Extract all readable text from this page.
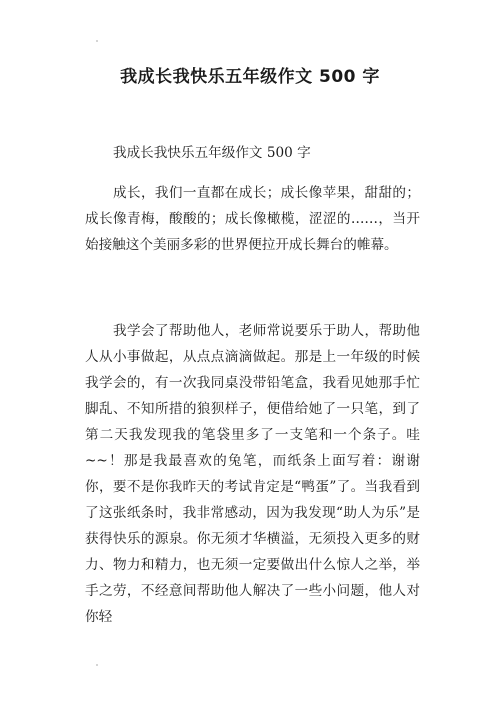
我成长我快乐五年级作文 500 字
我成长我快乐五年级作文 500 字

成长，我们一直都在成长；成长像苹果，甜甜的；成长像青梅，酸酸的；成长像橄榄，涩涩的……，当开始接触这个美丽多彩的世界便拉开成长舞台的帷幕。

我学会了帮助他人，老师常说要乐于助人，帮助他人从小事做起，从点点滴滴做起。那是上一年级的时候我学会的，有一次我同桌没带铅笔盒，我看见她那手忙脚乱、不知所措的狼狈样子，便借给她了一只笔，到了第二天我发现我的笔袋里多了一支笔和一个条子。哇~~！那是我最喜欢的兔笔，而纸条上面写着：谢谢你，要不是你我昨天的考试肯定是“鸭蛋”了。当我看到了这张纸条时，我非常感动，因为我发现“助人为乐”是获得快乐的源泉。你无须才华横溢，无须投入更多的财力、物力和精力，也无须一定要做出什么惊人之举，举手之劳，不经意间帮助他人解决了一些小问题，他人对你轻
